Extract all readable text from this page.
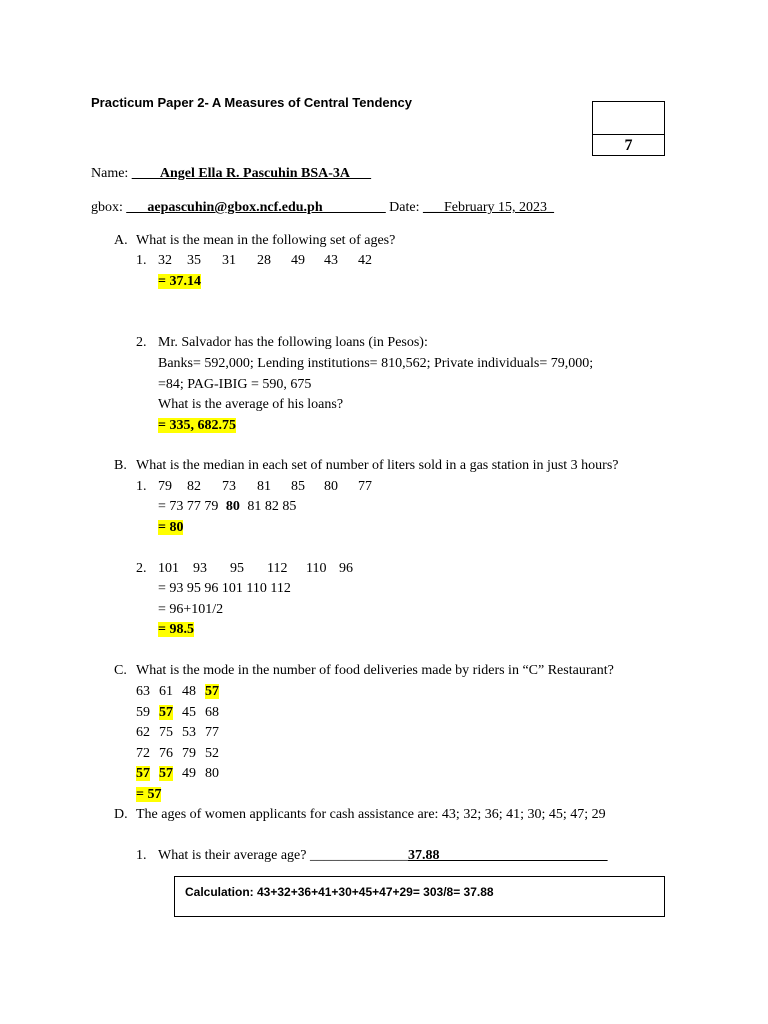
Practicum Paper 2- A Measures of Central Tendency
7
Name: ____Angel Ella R. Pascuhin BSA-3A___
gbox: ___aepascuhin@gbox.ncf.edu.ph_________ Date: ___February 15, 2023_
A. What is the mean in the following set of ages?
1. 32 35 31 28 49 43 42
= 37.14
2. Mr. Salvador has the following loans (in Pesos):
Banks= 592,000; Lending institutions= 810,562; Private individuals= 79,000;
=84; PAG-IBIG = 590, 675
What is the average of his loans?
= 335, 682.75
B. What is the median in each set of number of liters sold in a gas station in just 3 hours?
1. 79 82 73 81 85 80 77
= 73 77 79 80 81 82 85
= 80
2. 101 93 95 112 110 96
= 93 95 96 101 110 112
= 96+101/2
= 98.5
C. What is the mode in the number of food deliveries made by riders in “C” Restaurant?
63 61 48 57
59 57 45 68
62 75 53 77
72 76 79 52
57 57 49 80
= 57
D. The ages of women applicants for cash assistance are: 43; 32; 36; 41; 30; 45; 47; 29
1. What is their average age? ______________37.88________________________
Calculation: 43+32+36+41+30+45+47+29= 303/8= 37.88
